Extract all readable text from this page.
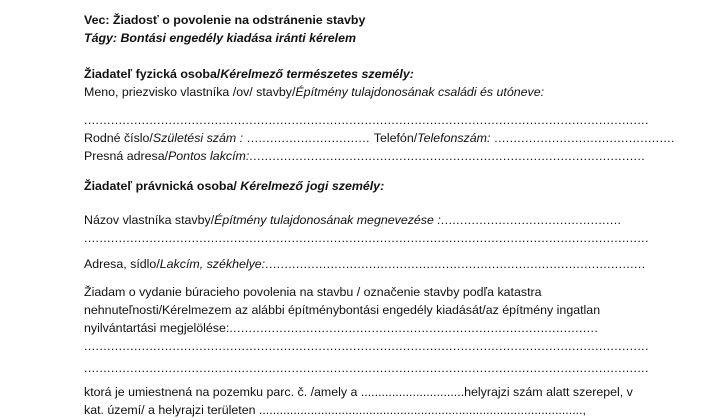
Vec: Žiadosť o povolenie na odstránenie stavby
Tágy: Bontási engedély kiadása iránti kérelem
Žiadateľ fyzická osoba/Kérelmező természetes személy:
Meno, priezvisko vlastníka /ov/ stavby/Építmény tulajdonosának családi és utóneve:
...................................................................................................................................................
Rodné číslo/Születési szám : ................................ Telefón/Telefonszám: ...............................................
Presná adresa/Pontos lakcím:.......................................................................................................
Žiadateľ právnická osoba/ Kérelmező jogi személy:
Názov vlastníka stavby/Építmény tulajdonosának megnevezése :...............................................
...................................................................................................................................................
Adresa, sídlo/Lakcím, székhelye:...................................................................................................
Žiadam o vydanie búracieho povolenia na stavbu / označenie stavby podľa katastra
nehnuteľnosti/Kérelmezem az alábbi építménybontási engedély kiadását/az építmény ingatlan
nyilvántartási megjelölése:................................................................................................
...................................................................................................................................................
...................................................................................................................................................
ktorá je umiestnená na pozemku parc. č. /amely a ..............................helyrajzi szám alatt szerepel, v
kat. území/ a helyrajzi területen ..............................................................................................,
